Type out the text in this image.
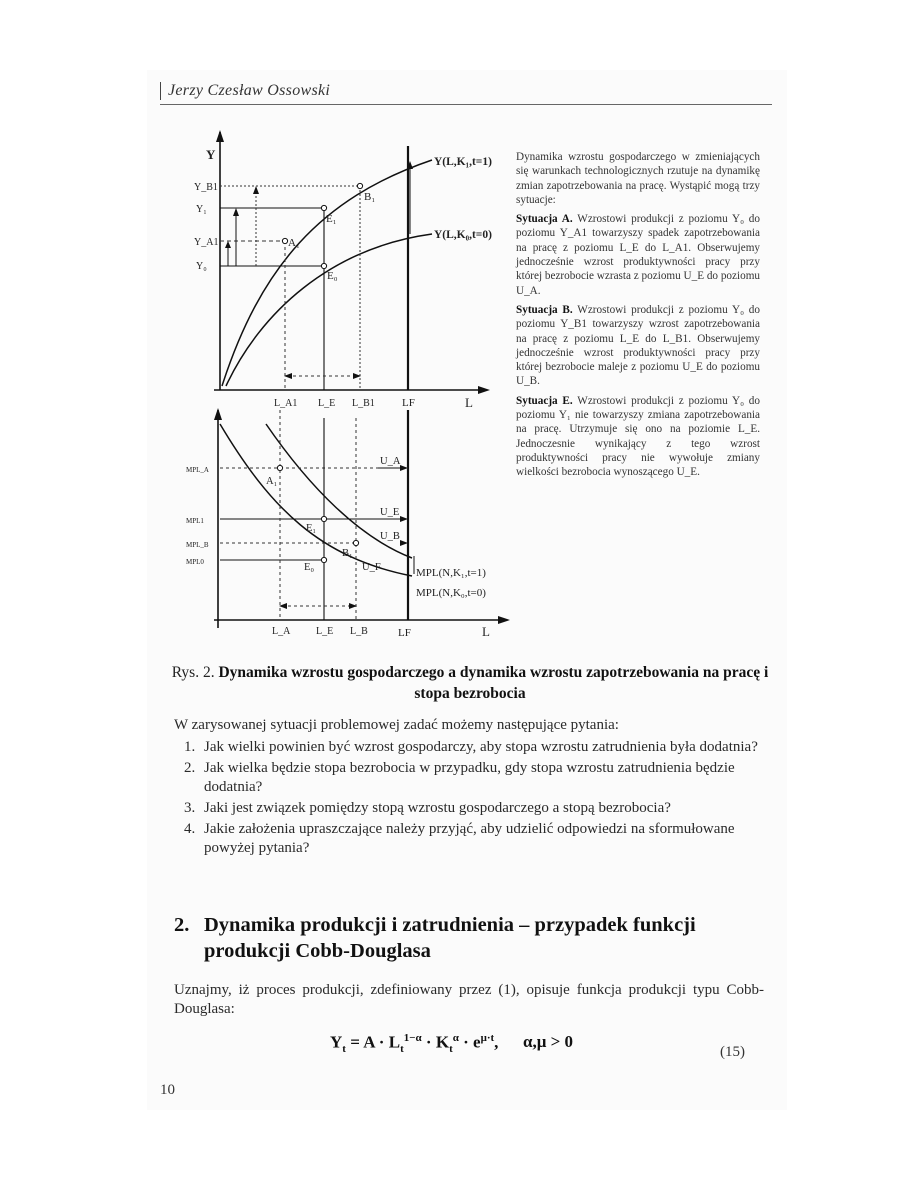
Jerzy Czesław Ossowski
Y
L
Y(L,K₁,t=1)
Y(L,K₀,t=0)
A₁
B₁
E₁
E₀
Y_B1
Y₁
Y_A1
Y₀
L_A1 L_E L_B1 LF
L
A₁
E₁
B₁
E₀
U_A
U_E
U_B
U_F
MPL_A
MPL1
MPL_B
MPL0
MPL(N,K₁,t=1)
MPL(N,K₀,t=0)
L_A	L_E L_B	LF

Dynamika wzrostu gospodarczego w zmieniających się warunkach technologicznych rzutuje na dynamikę zmian zapotrzebowania na pracę. Wystąpić mogą trzy sytuacje:

Sytuacja A. Wzrostowi produkcji z poziomu Y₀ do poziomu Y_A1 towarzyszy spadek zapotrzebowania na pracę z poziomu L_E do L_A1. Obserwujemy jednocześnie wzrost produktywności pracy przy której bezrobocie wzrasta z poziomu U_E do poziomu U_A.

Sytuacja B. Wzrostowi produkcji z poziomu Y₀ do poziomu Y_B1 towarzyszy wzrost zapotrzebowania na pracę z poziomu L_E do L_B1. Obserwujemy jednocześnie wzrost produktywności pracy przy której bezrobocie maleje z poziomu U_E do poziomu U_B.

Sytuacja E. Wzrostowi produkcji z poziomu Y₀ do poziomu Y₁ nie towarzyszy zmiana zapotrzebowania na pracę. Utrzymuje się ono na poziomie L_E. Jednoczesnie wynikający z tego wzrost produktywności pracy nie wywołuje zmiany wielkości bezrobocia wynoszącego U_E.

Rys. 2. Dynamika wzrostu gospodarczego a dynamika wzrostu zapotrzebowania na pracę i stopa bezrobocia
W zarysowanej sytuacji problemowej zadać możemy następujące pytania:
1. Jak wielki powinien być wzrost gospodarczy, aby stopa wzrostu zatrudnienia była dodatnia?
2. Jak wielka będzie stopa bezrobocia w przypadku, gdy stopa wzrostu zatrudnienia będzie dodatnia?
3. Jaki jest związek pomiędzy stopą wzrostu gospodarczego a stopą bezrobocia?
4. Jakie założenia upraszczające należy przyjąć, aby udzielić odpowiedzi na sformułowane powyżej pytania?
2. Dynamika produkcji i zatrudnienia – przypadek funkcji
produkcji Cobb-Douglasa
Uznajmy, iż proces produkcji, zdefiniowany przez (1), opisuje funkcja produkcji typu Cobb-Douglasa:
$Y_t = A \cdot L_t^{1-\alpha} \cdot K_t^\alpha \cdot e^{\mu\cdot t}$, α,μ > 0
(15)
10
